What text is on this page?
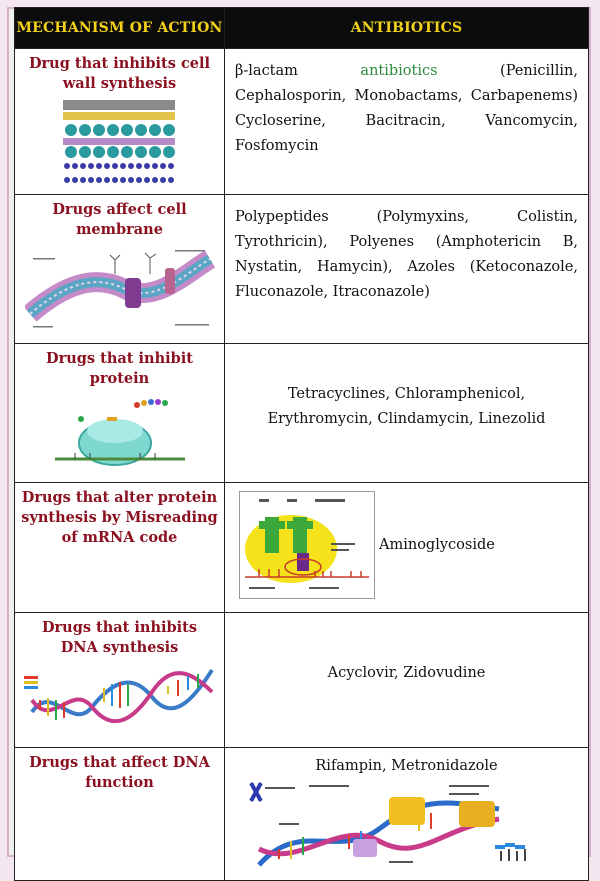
MECHANISM OF ACTION	ANTIBIOTICS

Drug that inhibits cell wall synthesis	β-lactam antibiotics (Penicillin, Cephalosporin, Monobactams, Carbapenems) Cycloserine, Bacitracin, Vancomycin, Fosfomycin

Drugs affect cell membrane	Polypeptides (Polymyxins, Colistin, Tyrothricin), Polyenes (Amphotericin B, Nystatin, Hamycin), Azoles (Ketoconazole, Fluconazole, Itraconazole)

Drugs that inhibit protein	Tetracyclines, Chloramphenicol, Erythromycin, Clindamycin, Linezolid

Drugs that alter protein synthesis by Misreading of mRNA code	Aminoglycoside

Drugs that inhibits DNA synthesis	Acyclovir, Zidovudine

Drugs that affect DNA function	Rifampin, Metronidazole
